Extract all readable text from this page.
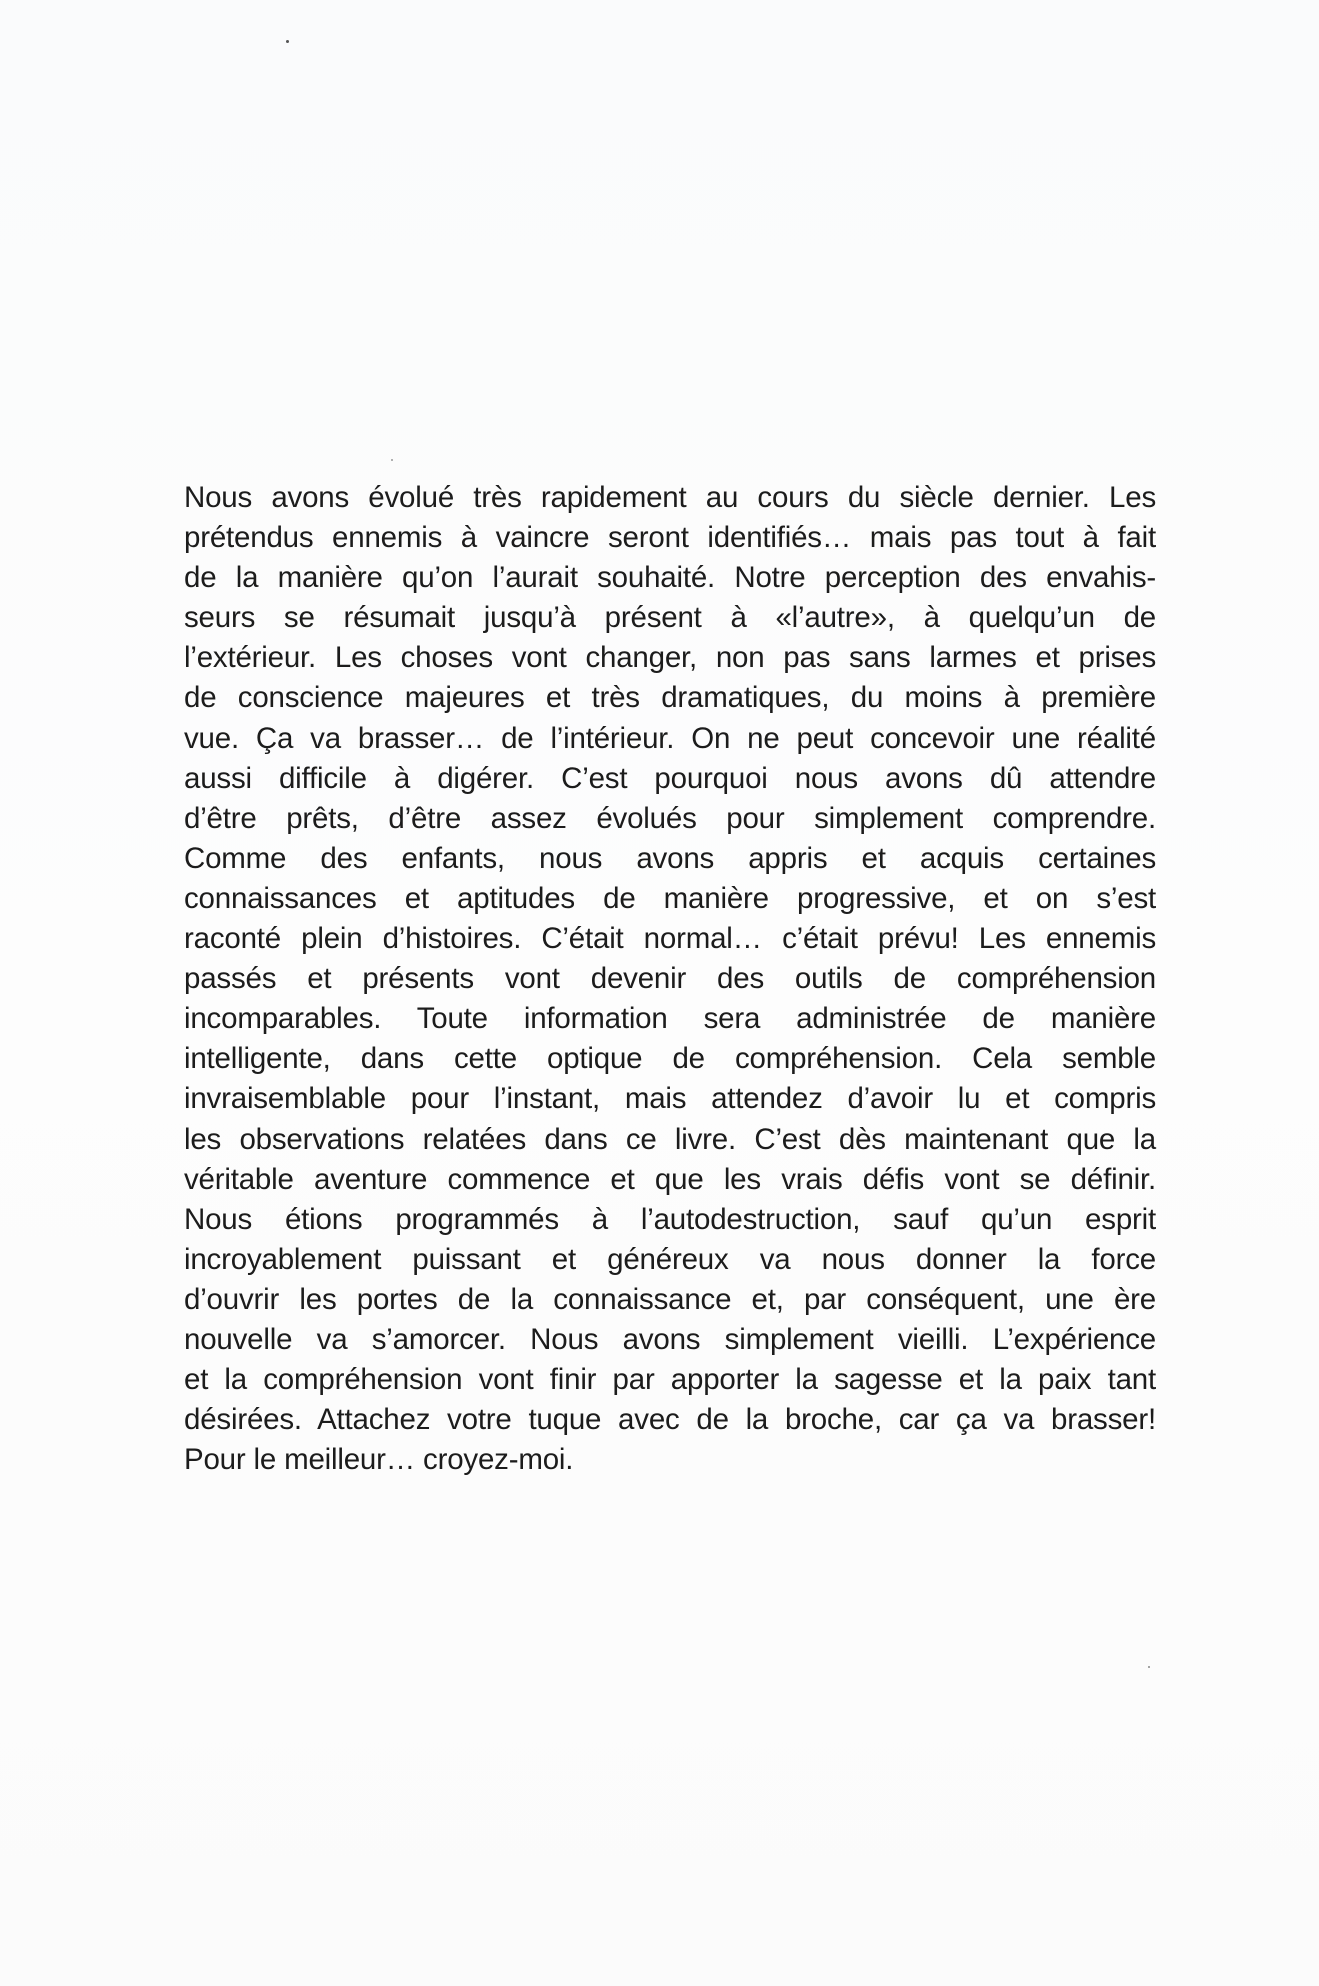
Nous avons évolué très rapidement au cours du siècle dernier. Les
prétendus ennemis à vaincre seront identifiés… mais pas tout à fait
de la manière qu’on l’aurait souhaité. Notre perception des envahis-
seurs se résumait jusqu’à présent à «l’autre», à quelqu’un de
l’extérieur. Les choses vont changer, non pas sans larmes et prises
de conscience majeures et très dramatiques, du moins à première
vue. Ça va brasser… de l’intérieur. On ne peut concevoir une réalité
aussi difficile à digérer. C’est pourquoi nous avons dû attendre
d’être prêts, d’être assez évolués pour simplement comprendre.
Comme des enfants, nous avons appris et acquis certaines
connaissances et aptitudes de manière progressive, et on s’est
raconté plein d’histoires. C’était normal… c’était prévu! Les ennemis
passés et présents vont devenir des outils de compréhension
incomparables. Toute information sera administrée de manière
intelligente, dans cette optique de compréhension. Cela semble
invraisemblable pour l’instant, mais attendez d’avoir lu et compris
les observations relatées dans ce livre. C’est dès maintenant que la
véritable aventure commence et que les vrais défis vont se définir.
Nous étions programmés à l’autodestruction, sauf qu’un esprit
incroyablement puissant et généreux va nous donner la force
d’ouvrir les portes de la connaissance et, par conséquent, une ère
nouvelle va s’amorcer. Nous avons simplement vieilli. L’expérience
et la compréhension vont finir par apporter la sagesse et la paix tant
désirées. Attachez votre tuque avec de la broche, car ça va brasser!
Pour le meilleur… croyez-moi.
